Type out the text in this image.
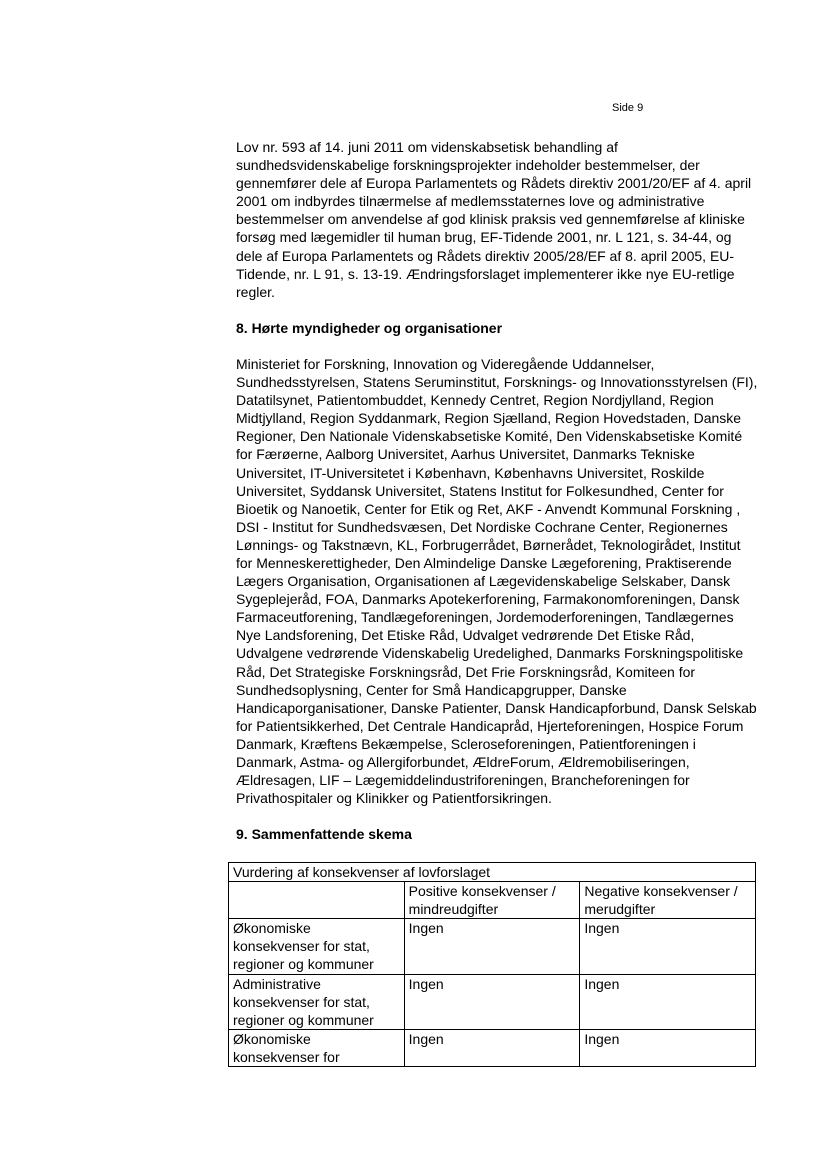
Side 9

Lov nr. 593 af 14. juni 2011 om videnskabsetisk behandling af sundhedsvidenskabelige forskningsprojekter indeholder bestemmelser, der gennemfører dele af Europa Parlamentets og Rådets direktiv 2001/20/EF af 4. april 2001 om indbyrdes tilnærmelse af medlemsstaternes love og administrative bestemmelser om anvendelse af god klinisk praksis ved gennemførelse af kliniske forsøg med lægemidler til human brug, EF-Tidende 2001, nr. L 121, s. 34-44, og dele af Europa Parlamentets og Rådets direktiv 2005/28/EF af 8. april 2005, EU-Tidende, nr. L 91, s. 13-19. Ændringsforslaget implementerer ikke nye EU-retlige regler.

8. Hørte myndigheder og organisationer

Ministeriet for Forskning, Innovation og Videregående Uddannelser, Sundhedsstyrelsen, Statens Seruminstitut, Forsknings- og Innovationsstyrelsen (FI), Datatilsynet, Patientombuddet, Kennedy Centret, Region Nordjylland, Region Midtjylland, Region Syddanmark, Region Sjælland, Region Hovedstaden, Danske Regioner, Den Nationale Videnskabsetiske Komité, Den Videnskabsetiske Komité for Færøerne, Aalborg Universitet, Aarhus Universitet, Danmarks Tekniske Universitet, IT-Universitetet i København, Københavns Universitet, Roskilde Universitet, Syddansk Universitet, Statens Institut for Folkesundhed, Center for Bioetik og Nanoetik, Center for Etik og Ret, AKF - Anvendt Kommunal Forskning , DSI - Institut for Sundhedsvæsen, Det Nordiske Cochrane Center, Regionernes Lønnings- og Takstnævn, KL, Forbrugerrådet, Børnerådet, Teknologirådet, Institut for Menneskerettigheder, Den Almindelige Danske Lægeforening, Praktiserende Lægers Organisation, Organisationen af Lægevidenskabelige Selskaber, Dansk Sygeplejeråd, FOA, Danmarks Apotekerforening, Farmakonomforeningen, Dansk Farmaceutforening, Tandlægeforeningen, Jordemoderforeningen, Tandlægernes Nye Landsforening, Det Etiske Råd, Udvalget vedrørende Det Etiske Råd, Udvalgene vedrørende Videnskabelig Uredelighed, Danmarks Forskningspolitiske Råd, Det Strategiske Forskningsråd, Det Frie Forskningsråd, Komiteen for Sundhedsoplysning, Center for Små Handicapgrupper, Danske Handicaporganisationer, Danske Patienter, Dansk Handicapforbund, Dansk Selskab for Patientsikkerhed, Det Centrale Handicapråd, Hjerteforeningen, Hospice Forum Danmark, Kræftens Bekæmpelse, Scleroseforeningen, Patientforeningen i Danmark, Astma- og Allergiforbundet, ÆldreForum, Ældremobiliseringen, Ældresagen, LIF – Lægemiddelindustriforeningen, Brancheforeningen for Privathospitaler og Klinikker og Patientforsikringen.

9. Sammenfattende skema
Vurdering af konsekvenser af lovforslaget		
	Positive konsekvenser / mindreudgifter	Negative konsekvenser / merudgifter
Økonomiske konsekvenser for stat, regioner og kommuner	Ingen	Ingen
Administrative konsekvenser for stat, regioner og kommuner	Ingen	Ingen
Økonomiske konsekvenser for	Ingen	Ingen
